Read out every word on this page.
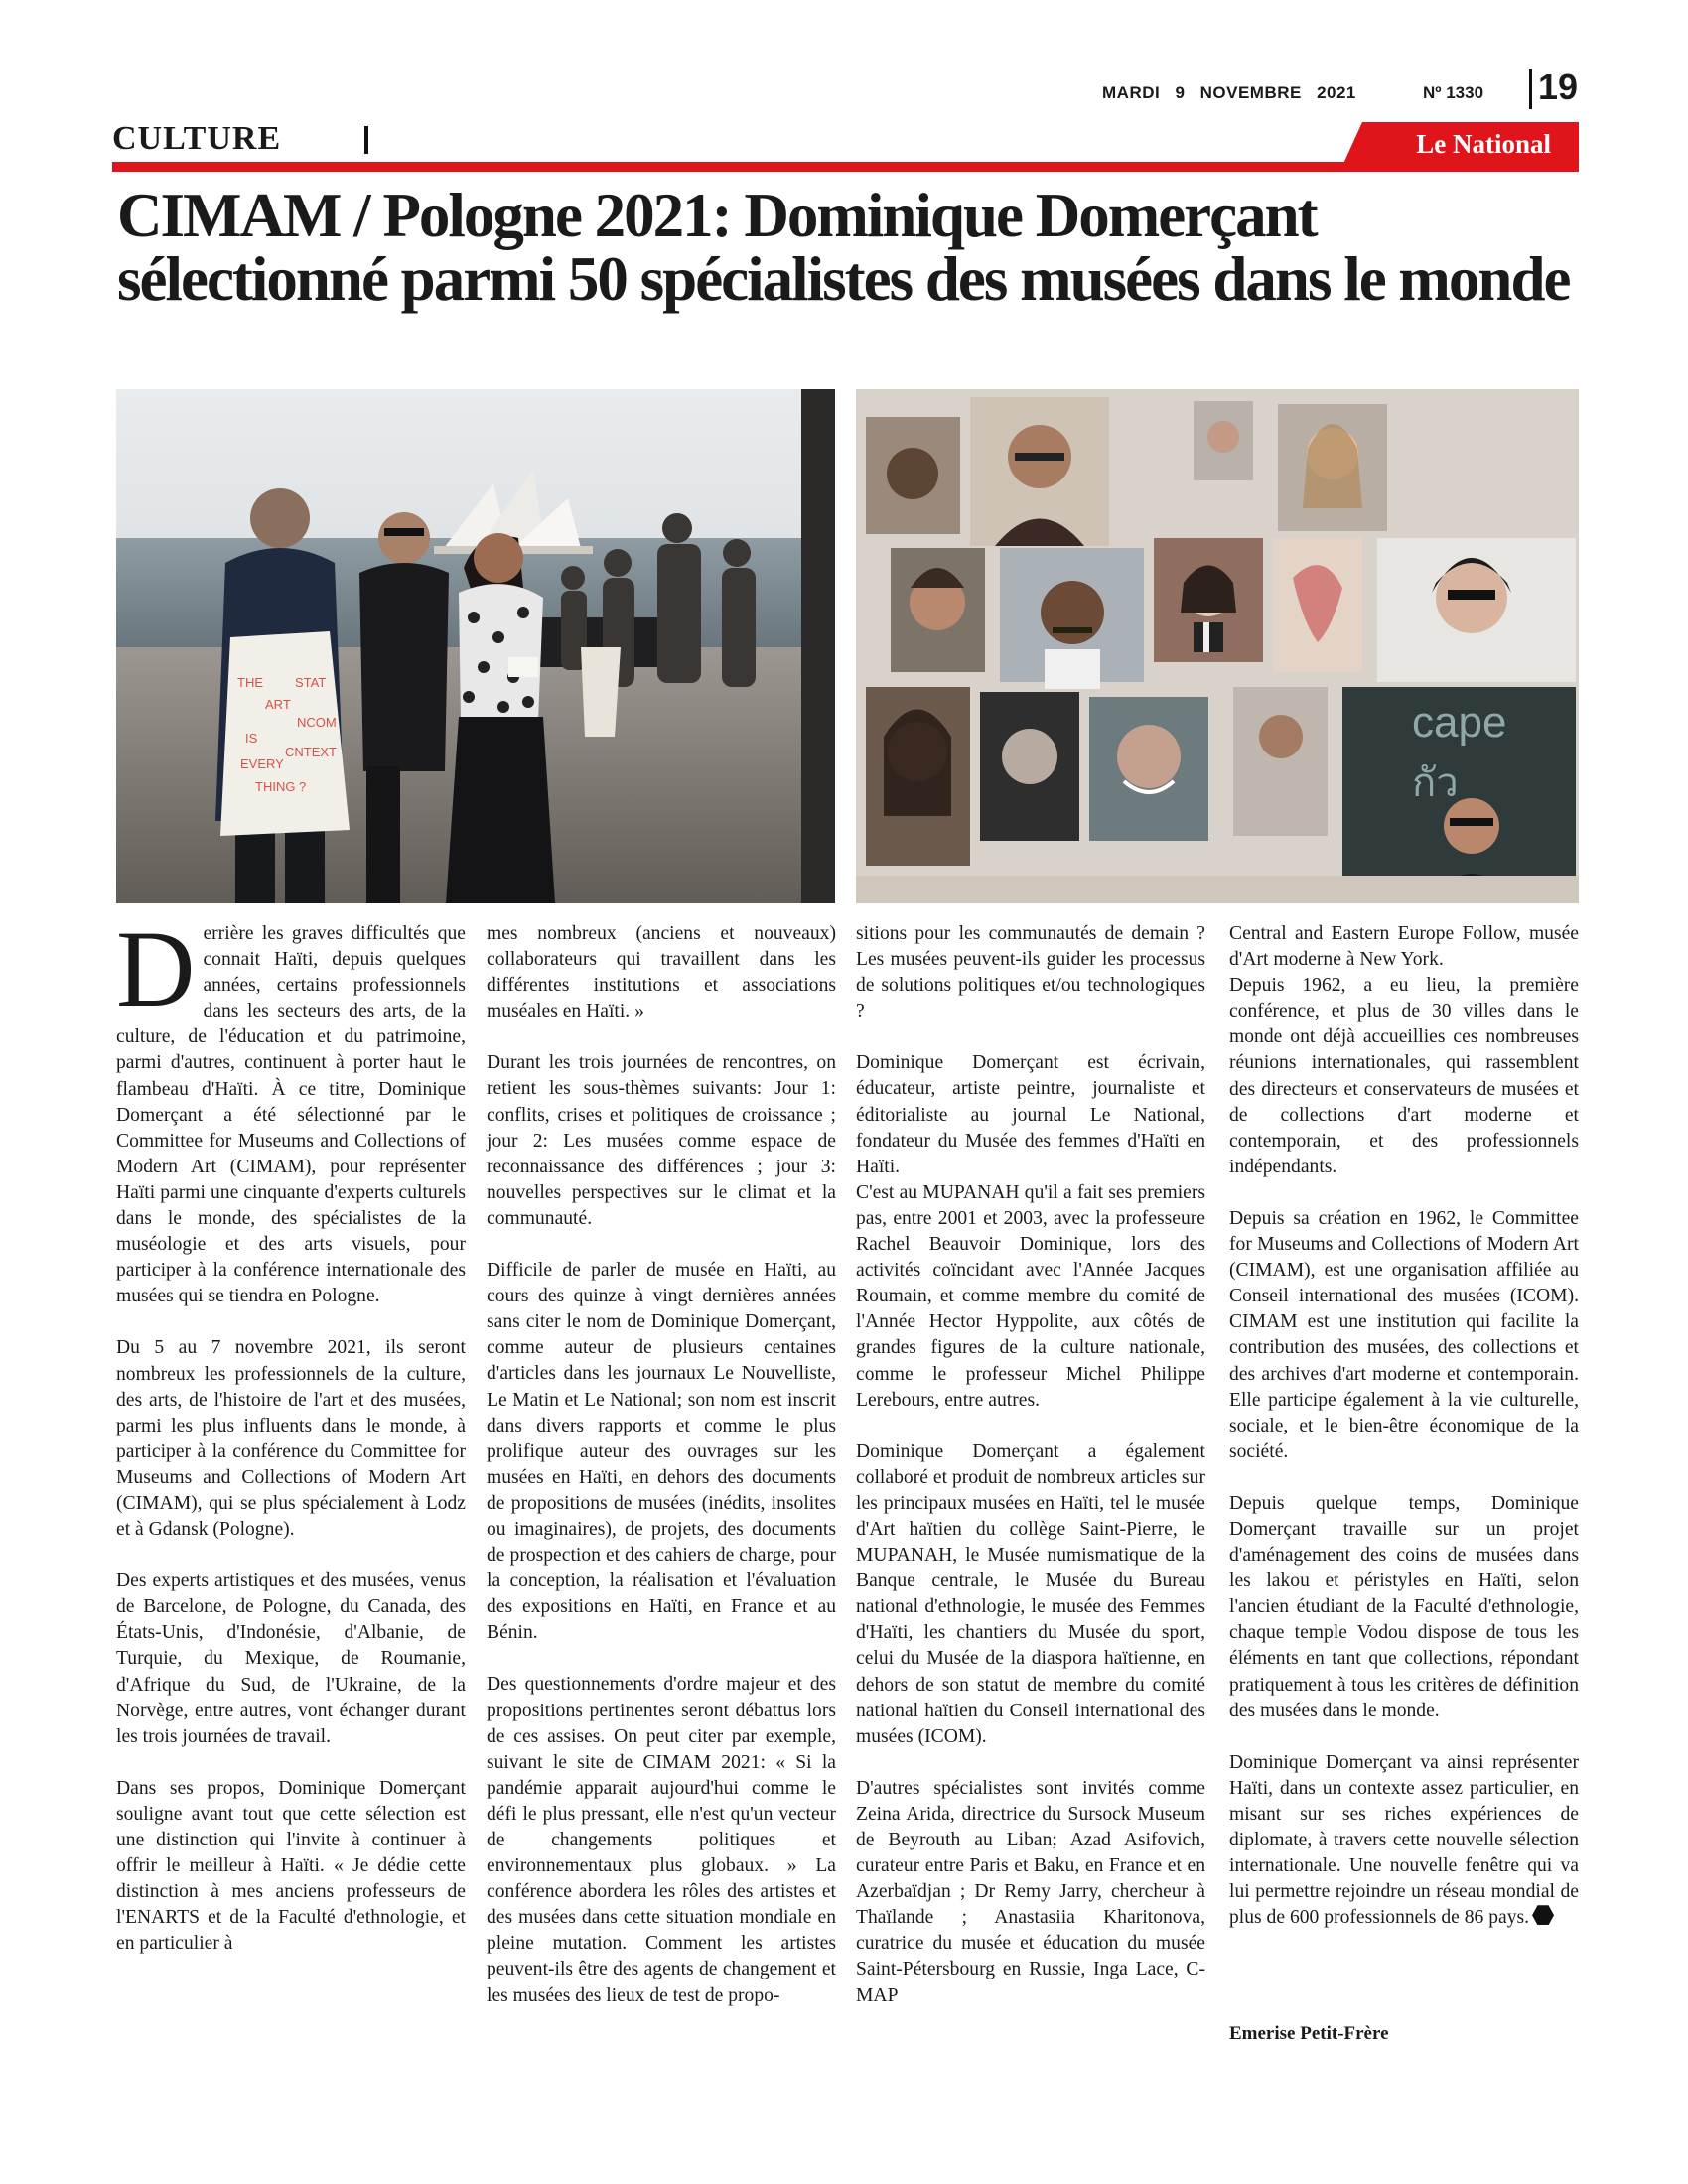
MARDI 9 NOVEMBRE 2021	Nº 1330 19
CULTURE	Le National
CIMAM / Pologne 2021: Dominique Domerçant sélectionné parmi 50 spécialistes des musées dans le monde
THE
ART
IS
EVERY
THING ?
STAT
NCOM
CNTEXT
cape
กัว

Derrière les graves difficultés que connait Haïti, depuis quelques années, certains professionnels dans les secteurs des arts, de la culture, de l'éducation et du patrimoine, parmi d'autres, continuent à porter haut le flambeau d'Haïti. À ce titre, Dominique Domerçant a été sélectionné par le Committee for Museums and Collections of Modern Art (CIMAM), pour représenter Haïti parmi une cinquante d'experts culturels dans le monde, des spécialistes de la muséologie et des arts visuels, pour participer à la conférence internationale des musées qui se tiendra en Pologne.

Du 5 au 7 novembre 2021, ils seront nombreux les professionnels de la culture, des arts, de l'histoire de l'art et des musées, parmi les plus influents dans le monde, à participer à la conférence du Committee for Museums and Collections of Modern Art (CIMAM), qui se plus spécialement à Lodz et à Gdansk (Pologne).

Des experts artistiques et des musées, venus de Barcelone, de Pologne, du Canada, des États-Unis, d'Indonésie, d'Albanie, de Turquie, du Mexique, de Roumanie, d'Afrique du Sud, de l'Ukraine, de la Norvège, entre autres, vont échanger durant les trois journées de travail.

Dans ses propos, Dominique Domerçant souligne avant tout que cette sélection est une distinction qui l'invite à continuer à offrir le meilleur à Haïti. « Je dédie cette distinction à mes anciens professeurs de l'ENARTS et de la Faculté d'ethnologie, et en particulier à

mes nombreux (anciens et nouveaux) collaborateurs qui travaillent dans les différentes institutions et associations muséales en Haïti. »

Durant les trois journées de rencontres, on retient les sous-thèmes suivants: Jour 1: conflits, crises et politiques de croissance ; jour 2: Les musées comme espace de reconnaissance des différences ; jour 3: nouvelles perspectives sur le climat et la communauté.

Difficile de parler de musée en Haïti, au cours des quinze à vingt dernières années sans citer le nom de Dominique Domerçant, comme auteur de plusieurs centaines d'articles dans les journaux Le Nouvelliste, Le Matin et Le National; son nom est inscrit dans divers rapports et comme le plus prolifique auteur des ouvrages sur les musées en Haïti, en dehors des documents de propositions de musées (inédits, insolites ou imaginaires), de projets, des documents de prospection et des cahiers de charge, pour la conception, la réalisation et l'évaluation des expositions en Haïti, en France et au Bénin.

Des questionnements d'ordre majeur et des propositions pertinentes seront débattus lors de ces assises. On peut citer par exemple, suivant le site de CIMAM 2021: « Si la pandémie apparait aujourd'hui comme le défi le plus pressant, elle n'est qu'un vecteur de changements politiques et environnementaux plus globaux. » La conférence abordera les rôles des artistes et des musées dans cette situation mondiale en pleine mutation. Comment les artistes peuvent-ils être des agents de changement et les musées des lieux de test de propo-

sitions pour les communautés de demain ? Les musées peuvent-ils guider les processus de solutions politiques et/ou technologiques ?

Dominique Domerçant est écrivain, éducateur, artiste peintre, journaliste et éditorialiste au journal Le National, fondateur du Musée des femmes d'Haïti en Haïti.

C'est au MUPANAH qu'il a fait ses premiers pas, entre 2001 et 2003, avec la professeure Rachel Beauvoir Dominique, lors des activités coïncidant avec l'Année Jacques Roumain, et comme membre du comité de l'Année Hector Hyppolite, aux côtés de grandes figures de la culture nationale, comme le professeur Michel Philippe Lerebours, entre autres.

Dominique Domerçant a également collaboré et produit de nombreux articles sur les principaux musées en Haïti, tel le musée d'Art haïtien du collège Saint-Pierre, le MUPANAH, le Musée numismatique de la Banque centrale, le Musée du Bureau national d'ethnologie, le musée des Femmes d'Haïti, les chantiers du Musée du sport, celui du Musée de la diaspora haïtienne, en dehors de son statut de membre du comité national haïtien du Conseil international des musées (ICOM).

D'autres spécialistes sont invités comme Zeina Arida, directrice du Sursock Museum de Beyrouth au Liban; Azad Asifovich, curateur entre Paris et Baku, en France et en Azerbaïdjan ; Dr Remy Jarry, chercheur à Thaïlande ; Anastasiia Kharitonova, curatrice du musée et éducation du musée Saint-Pétersbourg en Russie, Inga Lace, C-MAP

Central and Eastern Europe Follow, musée d'Art moderne à New York.

Depuis 1962, a eu lieu, la première conférence, et plus de 30 villes dans le monde ont déjà accueillies ces nombreuses réunions internationales, qui rassemblent des directeurs et conservateurs de musées et de collections d'art moderne et contemporain, et des professionnels indépendants.

Depuis sa création en 1962, le Committee for Museums and Collections of Modern Art (CIMAM), est une organisation affiliée au Conseil international des musées (ICOM). CIMAM est une institution qui facilite la contribution des musées, des collections et des archives d'art moderne et contemporain. Elle participe également à la vie culturelle, sociale, et le bien-être économique de la société.

Depuis quelque temps, Dominique Domerçant travaille sur un projet d'aménagement des coins de musées dans les lakou et péristyles en Haïti, selon l'ancien étudiant de la Faculté d'ethnologie, chaque temple Vodou dispose de tous les éléments en tant que collections, répondant pratiquement à tous les critères de définition des musées dans le monde.

Dominique Domerçant va ainsi représenter Haïti, dans un contexte assez particulier, en misant sur ses riches expériences de diplomate, à travers cette nouvelle sélection internationale. Une nouvelle fenêtre qui va lui permettre rejoindre un réseau mondial de plus de 600 professionnels de 86 pays.

Emerise Petit-Frère
